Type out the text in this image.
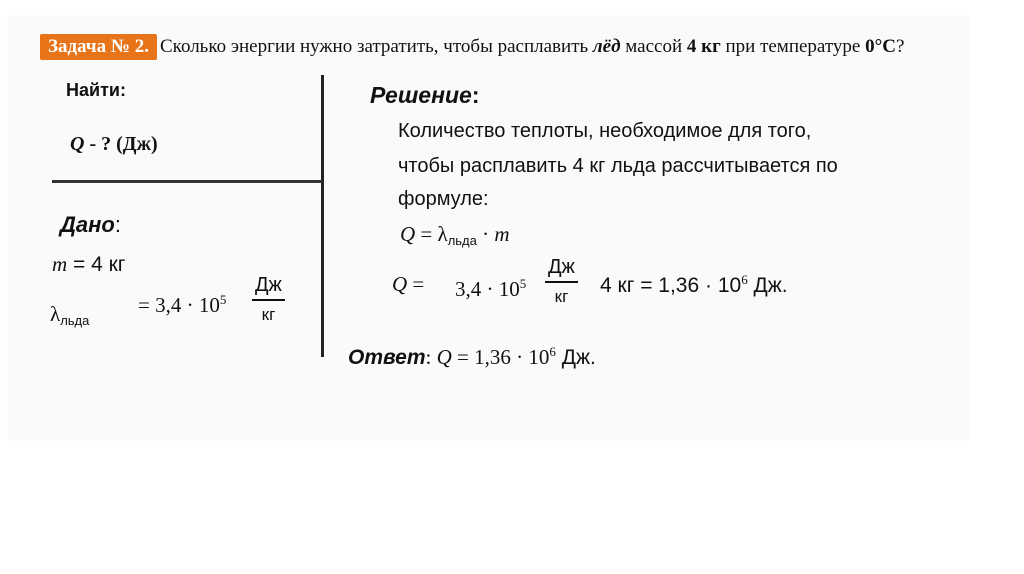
Задача № 2. Сколько энергии нужно затратить, чтобы расплавить лёд массой 4 кг при температуре 0°С?
Найти:
Q - ? (Дж)
Дано:
m = 4 кг
λльда
= $3,4 \cdot 10^5$
Дж
кг
Решение:
Количество теплоты, необходимое для того,
чтобы расплавить 4 кг льда рассчитывается по
формуле:
Q = λльда · m
$Q = 3,4 \cdot 10^5$
Дж
кг 4 кг = $1,36 \cdot 10^6$ Дж.
Ответ: $Q = 1,36 \cdot 10^6$ Дж.
